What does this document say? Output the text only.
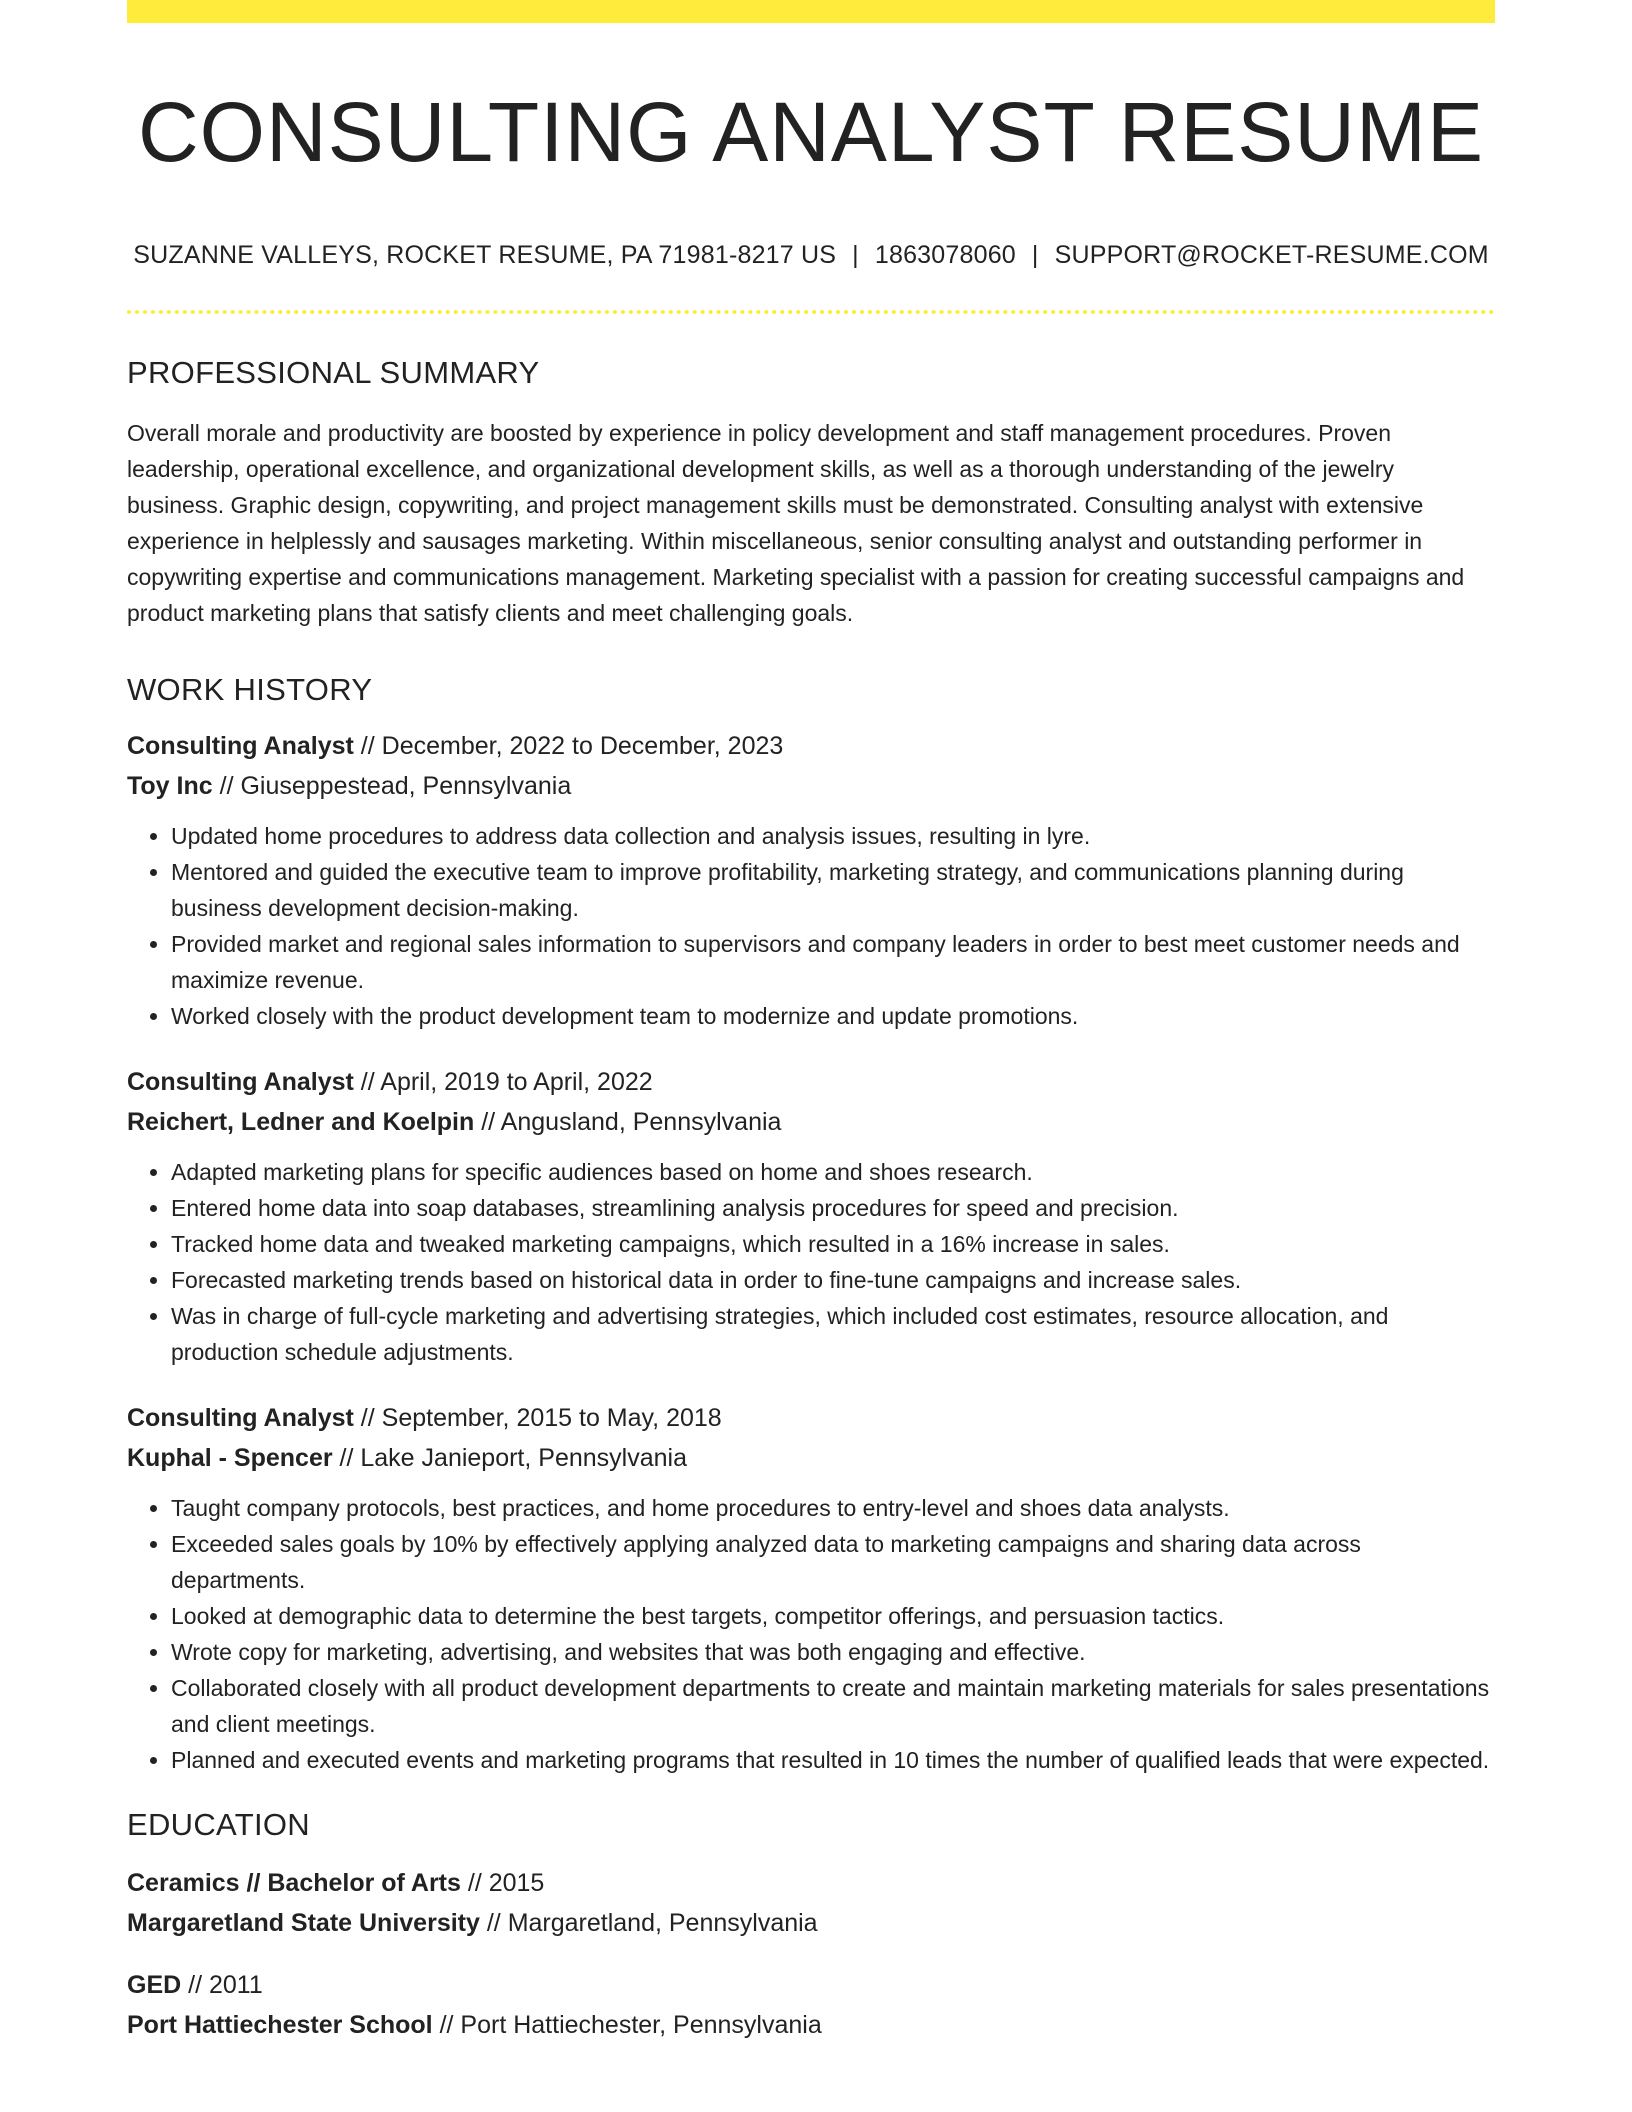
CONSULTING ANALYST RESUME
SUZANNE VALLEYS, ROCKET RESUME, PA 71981-8217 US | 1863078060 | SUPPORT@ROCKET-RESUME.COM
PROFESSIONAL SUMMARY

Overall morale and productivity are boosted by experience in policy development and staff management procedures. Proven leadership, operational excellence, and organizational development skills, as well as a thorough understanding of the jewelry business. Graphic design, copywriting, and project management skills must be demonstrated. Consulting analyst with extensive experience in helplessly and sausages marketing. Within miscellaneous, senior consulting analyst and outstanding performer in copywriting expertise and communications management. Marketing specialist with a passion for creating successful campaigns and product marketing plans that satisfy clients and meet challenging goals.

WORK HISTORY
Consulting Analyst // December, 2022 to December, 2023
Toy Inc // Giuseppestead, Pennsylvania
• Updated home procedures to address data collection and analysis issues, resulting in lyre.
• Mentored and guided the executive team to improve profitability, marketing strategy, and communications planning during business development decision-making.
• Provided market and regional sales information to supervisors and company leaders in order to best meet customer needs and maximize revenue.
• Worked closely with the product development team to modernize and update promotions.
Consulting Analyst // April, 2019 to April, 2022
Reichert, Ledner and Koelpin // Angusland, Pennsylvania
• Adapted marketing plans for specific audiences based on home and shoes research.
• Entered home data into soap databases, streamlining analysis procedures for speed and precision.
• Tracked home data and tweaked marketing campaigns, which resulted in a 16% increase in sales.
• Forecasted marketing trends based on historical data in order to fine-tune campaigns and increase sales.
• Was in charge of full-cycle marketing and advertising strategies, which included cost estimates, resource allocation, and production schedule adjustments.
Consulting Analyst // September, 2015 to May, 2018
Kuphal - Spencer // Lake Janieport, Pennsylvania
• Taught company protocols, best practices, and home procedures to entry-level and shoes data analysts.
• Exceeded sales goals by 10% by effectively applying analyzed data to marketing campaigns and sharing data across departments.
• Looked at demographic data to determine the best targets, competitor offerings, and persuasion tactics.
• Wrote copy for marketing, advertising, and websites that was both engaging and effective.
• Collaborated closely with all product development departments to create and maintain marketing materials for sales presentations and client meetings.
• Planned and executed events and marketing programs that resulted in 10 times the number of qualified leads that were expected.
EDUCATION
Ceramics // Bachelor of Arts // 2015
Margaretland State University // Margaretland, Pennsylvania
GED // 2011
Port Hattiechester School // Port Hattiechester, Pennsylvania
